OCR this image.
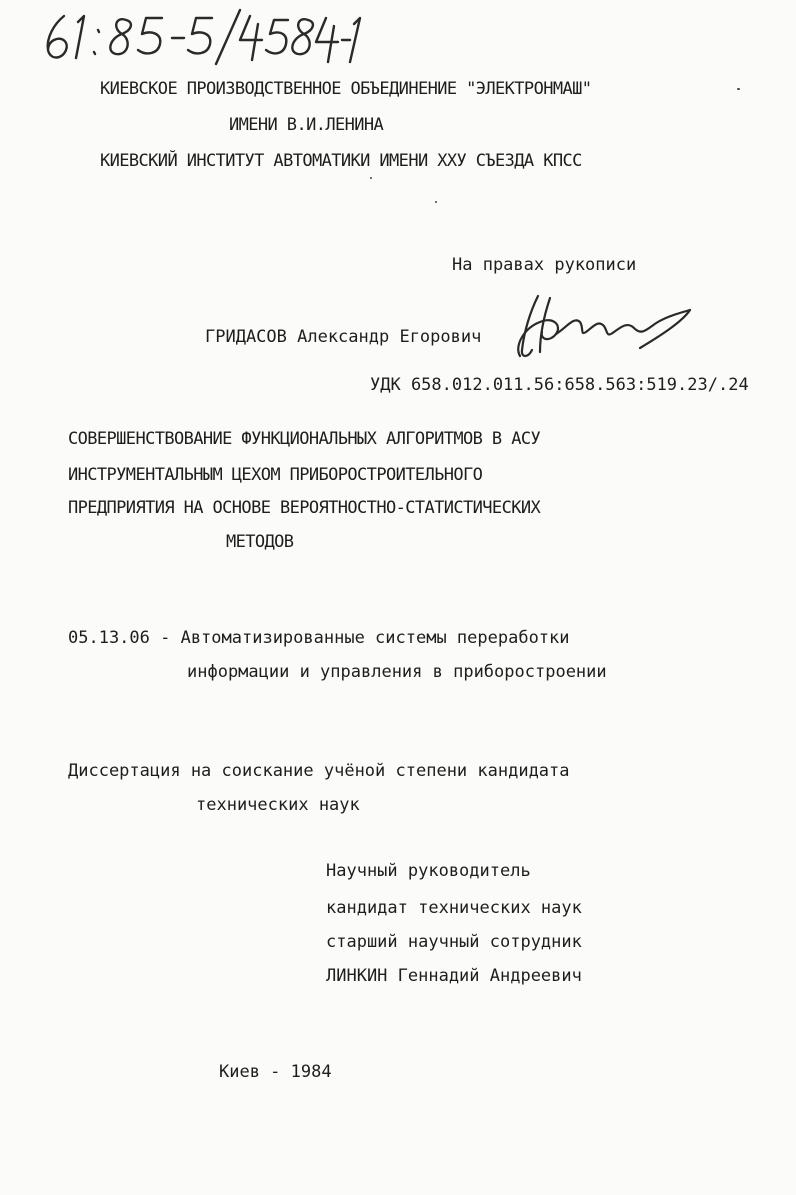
КИЕВСКОЕ ПРОИЗВОДСТВЕННОЕ ОБЪЕДИНЕНИЕ "ЭЛЕКТРОНМАШ"
ИМЕНИ В.И.ЛЕНИНА
КИЕВСКИЙ ИНСТИТУТ АВТОМАТИКИ ИМЕНИ XXУ СЪЕЗДА КПСС
На правах рукописи
ГРИДАСОВ Александр Егорович
УДК 658.012.011.56:658.563:519.23/.24
СОВЕРШЕНСТВОВАНИЕ ФУНКЦИОНАЛЬНЫХ АЛГОРИТМОВ В АСУ
ИНСТРУМЕНТАЛЬНЫМ ЦЕХОМ ПРИБОРОСТРОИТЕЛЬНОГО
ПРЕДПРИЯТИЯ НА ОСНОВЕ ВЕРОЯТНОСТНО-СТАТИСТИЧЕСКИХ
МЕТОДОВ
05.13.06 - Автоматизированные системы переработки
информации и управления в приборостроении
Диссертация на соискание учёной степени кандидата
технических наук
Научный руководитель
кандидат технических наук
старший научный сотрудник
ЛИНКИН Геннадий Андреевич
Киев - 1984
